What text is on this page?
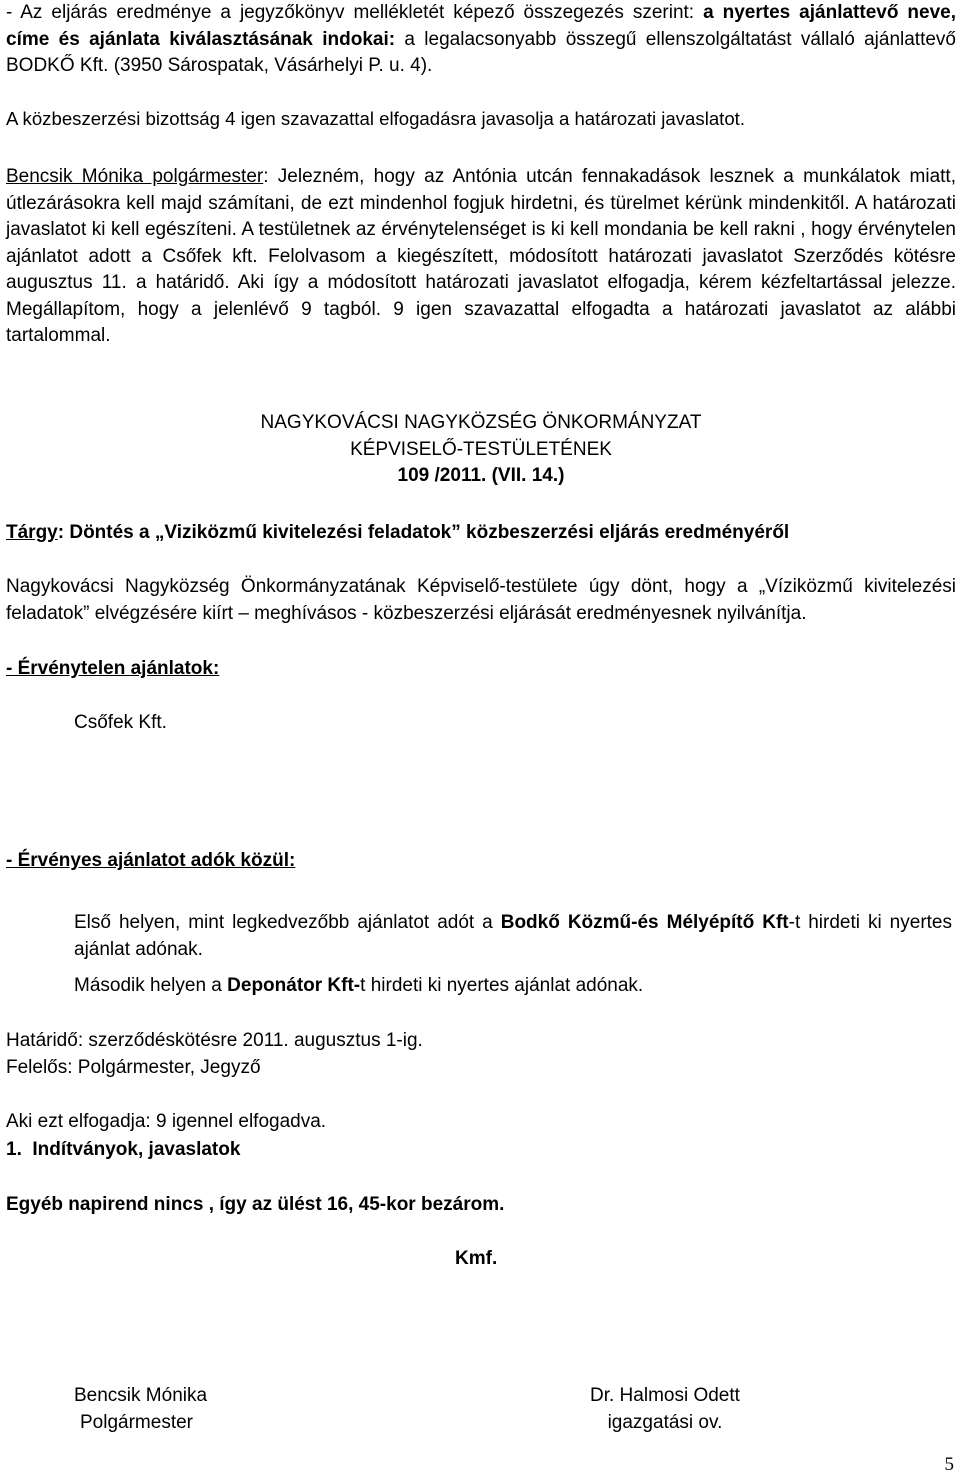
- Az eljárás eredménye a jegyzőkönyv mellékletét képező összegezés szerint: a nyertes ajánlattevő neve, címe és ajánlata kiválasztásának indokai: a legalacsonyabb összegű ellenszolgáltatást vállaló ajánlattevő BODKŐ Kft. (3950 Sárospatak, Vásárhelyi P. u. 4).

A közbeszerzési bizottság 4 igen szavazattal elfogadásra javasolja a határozati javaslatot.

Bencsik Mónika polgármester: Jelezném, hogy az Antónia utcán fennakadások lesznek a munkálatok miatt, útlezárásokra kell majd számítani, de ezt mindenhol fogjuk hirdetni, és türelmet kérünk mindenkitől. A határozati javaslatot ki kell egészíteni. A testületnek az érvénytelenséget is ki kell mondania be kell rakni , hogy érvénytelen ajánlatot adott a Csőfek kft. Felolvasom a kiegészített, módosított határozati javaslatot Szerződés kötésre augusztus 11. a határidő. Aki így a módosított határozati javaslatot elfogadja, kérem kézfeltartással jelezze. Megállapítom, hogy a jelenlévő 9 tagból. 9 igen szavazattal elfogadta a határozati javaslatot az alábbi tartalommal.

NAGYKOVÁCSI NAGYKÖZSÉG ÖNKORMÁNYZAT

KÉPVISELŐ-TESTÜLETÉNEK

109 /2011. (VII. 14.)

Tárgy: Döntés a „Viziközmű kivitelezési feladatok” közbeszerzési eljárás eredményéről

Nagykovácsi Nagyközség Önkormányzatának Képviselő-testülete úgy dönt, hogy a „Víziközmű kivitelezési feladatok” elvégzésére kiírt – meghívásos - közbeszerzési eljárását eredményesnek nyilvánítja.

- Érvénytelen ajánlatok:

Csőfek Kft.

- Érvényes ajánlatot adók közül:

Első helyen, mint legkedvezőbb ajánlatot adót a Bodkő Közmű-és Mélyépítő Kft-t hirdeti ki nyertes ajánlat adónak.

Második helyen a Deponátor Kft-t hirdeti ki nyertes ajánlat adónak.

Határidő: szerződéskötésre 2011. augusztus 1-ig.

Felelős: Polgármester, Jegyző

Aki ezt elfogadja: 9 igennel elfogadva.

1.  Indítványok, javaslatok

Egyéb napirend nincs , így az ülést 16, 45-kor bezárom.

Kmf.

Bencsik Mónika

Polgármester

Dr. Halmosi Odett

igazgatási ov.

5
